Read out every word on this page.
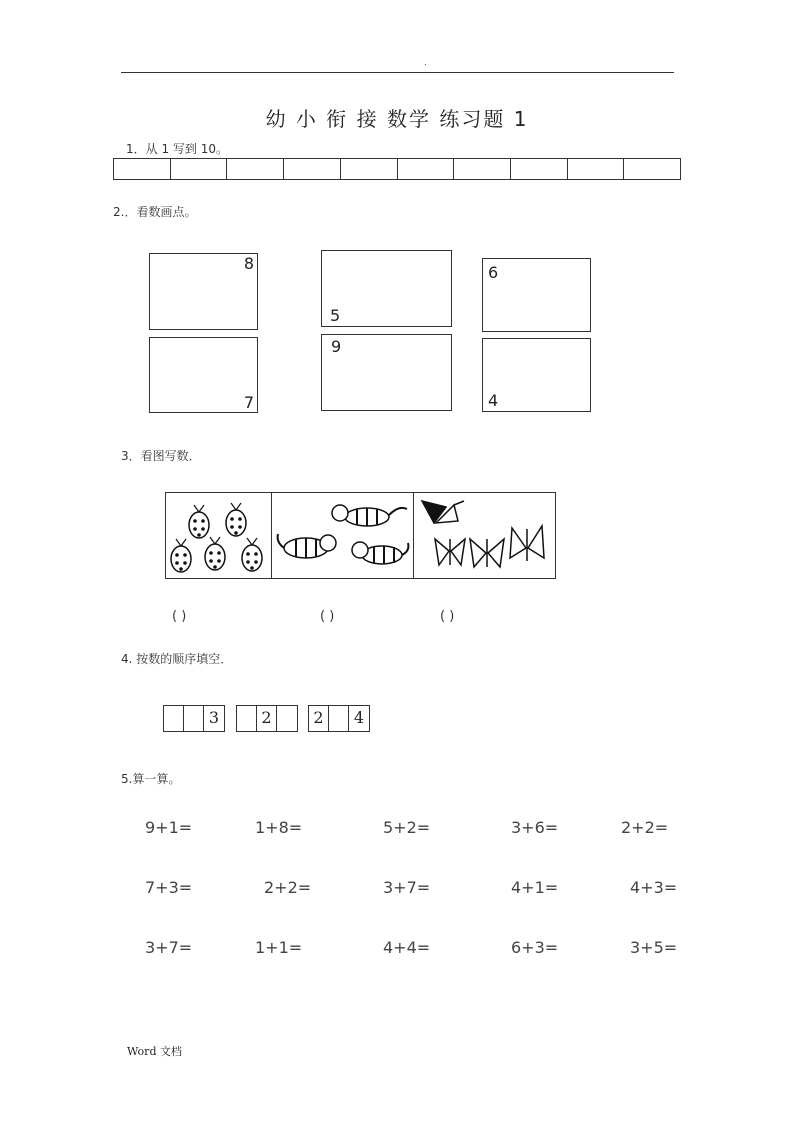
.
幼 小 衔 接 数学 练习题 1
1．从 1 写到 10。
2.．看数画点。
8
5
6
7
9
4
3．看图写数．
( )	( )	( )
4. 按数的顺序填空．
3	2	2	4
5.算一算。
9+1=	1+8=	5+2=	3+6=	2+2=
7+3=	2+2=	3+7=	4+1=	4+3=
3+7=	1+1=	4+4=	6+3=	3+5=
Word 文档
